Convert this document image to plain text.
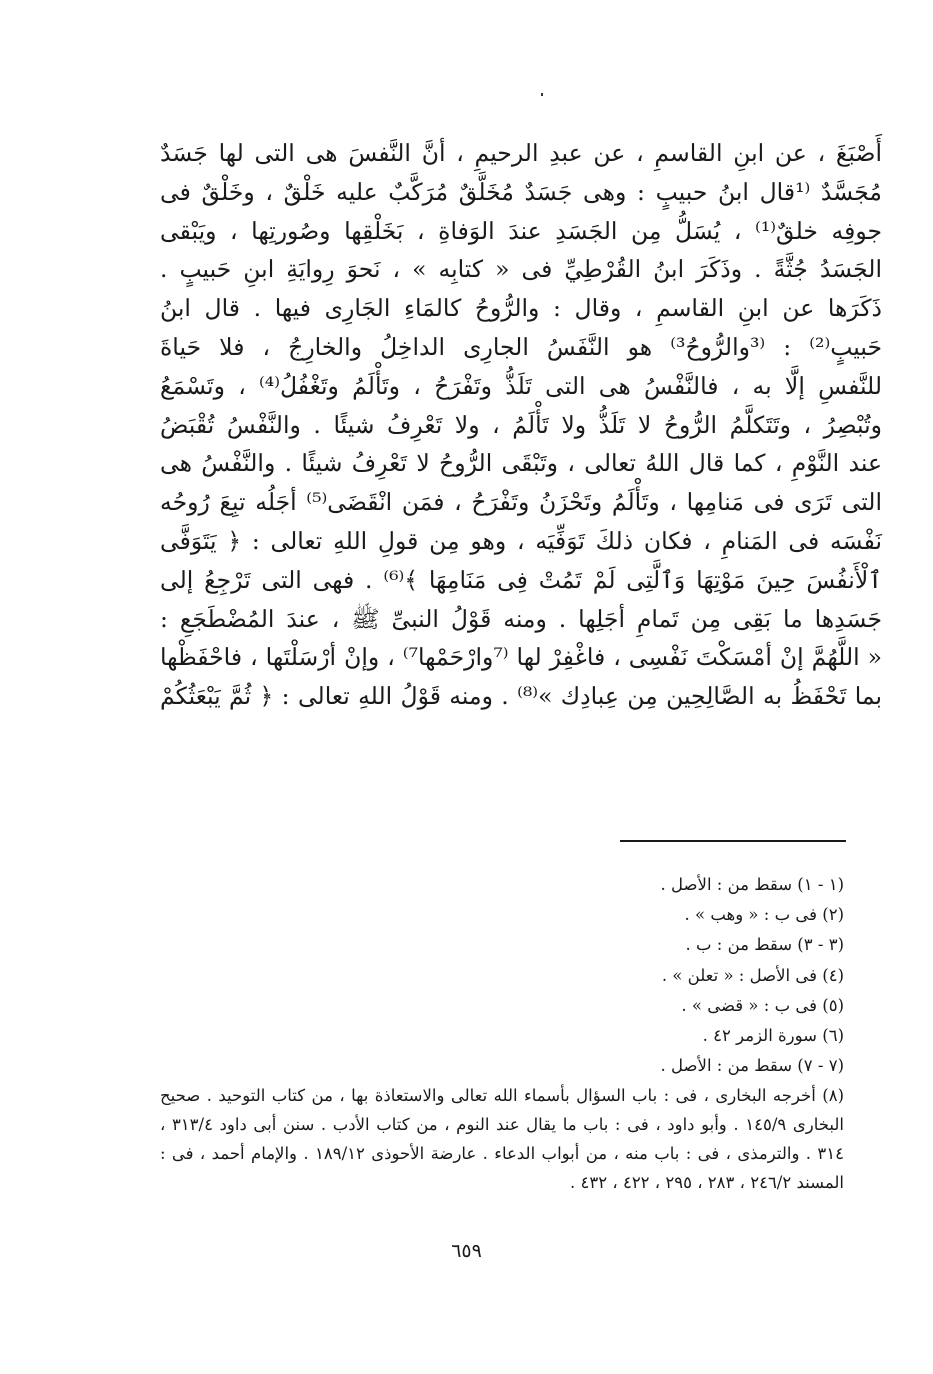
أَصْبَغَ ، عن ابنِ القاسمِ ، عن عبدِ الرحيمِ ، أنَّ النَّفسَ هى التى لها جَسَدٌ

مُجَسَّدٌ ⁽¹قال ابنُ حبيبٍ : وهى جَسَدٌ مُخَلَّقٌ مُرَكَّبٌ عليه خَلْقٌ ، وخَلْقٌ فى

جوفِه خلقٌ⁽¹⁾ ، يُسَلُّ مِن الجَسَدِ عندَ الوَفاةِ ، بَخَلْقِها وصُورتِها ، ويَبْقى

الجَسَدُ جُثَّةً . وذَكَرَ ابنُ القُرْطِيِّ فى « كتابِه » ، نَحوَ رِوايَةِ ابنِ حَبيبٍ .

ذَكَرَها عن ابنِ القاسمِ ، وقال : والرُّوحُ كالمَاءِ الجَارِى فيها . قال ابنُ

حَبيبٍ⁽²⁾ : ⁽³والرُّوحُ³⁾ هو النَّفَسُ الجارِى الداخِلُ والخارِجُ ، فلا حَياةَ

للنَّفسِ إلَّا به ، فالنَّفْسُ هى التى تَلَذُّ وتَفْرَحُ ، وتَأْلَمُ وتَغْفُلُ⁽⁴⁾ ، وتَسْمَعُ

وتُبْصِرُ ، وتَتَكلَّمُ الرُّوحُ لا تَلَذُّ ولا تَأْلَمُ ، ولا تَعْرِفُ شيئًا . والنَّفْسُ تُقْبَضُ

عند النَّوْمِ ، كما قال اللهُ تعالى ، وتَبْقَى الرُّوحُ لا تَعْرِفُ شيئًا . والنَّفْسُ هى

التى تَرَى فى مَنامِها ، وتَأْلَمُ وتَحْزَنُ وتَفْرَحُ ، فمَن انْقَضَى⁽⁵⁾ أجَلُه تبِعَ رُوحُه

نَفْسَه فى المَنامِ ، فكان ذلكَ تَوَفِّيَه ، وهو مِن قولِ اللهِ تعالى : ﴿ يَتَوَفَّى

ٱلْأَنفُسَ حِينَ مَوْتِهَا وَٱلَّتِى لَمْ تَمُتْ فِى مَنَامِهَا ﴾⁽⁶⁾ . فهى التى تَرْجِعُ إلى

جَسَدِها ما بَقِى مِن تَمامِ أجَلِها . ومنه قَوْلُ النبىِّ ﷺ ، عندَ المُضْطَجَعِ :

« اللَّهُمَّ إنْ أمْسَكْتَ نَفْسِى ، فاغْفِرْ لها ⁽⁷وارْحَمْها⁷⁾ ، وإنْ أرْسَلْتَها ، فاحْفَظْها

بما تَحْفَظُ به الصَّالِحِين مِن عِبادِك »⁽⁸⁾ . ومنه قَوْلُ اللهِ تعالى : ﴿ ثُمَّ يَبْعَثُكُمْ

(١ - ١) سقط من : الأصل .

(٢) فى ب : « وهب » .

(٣ - ٣) سقط من : ب .

(٤) فى الأصل : « تعلن » .

(٥) فى ب : « قضى » .

(٦) سورة الزمر ٤٢ .

(٧ - ٧) سقط من : الأصل .

(٨) أخرجه البخارى ، فى : باب السؤال بأسماء الله تعالى والاستعاذة بها ، من كتاب التوحيد . صحيح البخارى ١٤٥/٩ . وأبو داود ، فى : باب ما يقال عند النوم ، من كتاب الأدب . سنن أبى داود ٣١٣/٤ ، ٣١٤ . والترمذى ، فى : باب منه ، من أبواب الدعاء . عارضة الأحوذى ١٨٩/١٢ . والإمام أحمد ، فى : المسند ٢٤٦/٢ ، ٢٨٣ ، ٢٩٥ ، ٤٢٢ ، ٤٣٢ .

٦٥٩
